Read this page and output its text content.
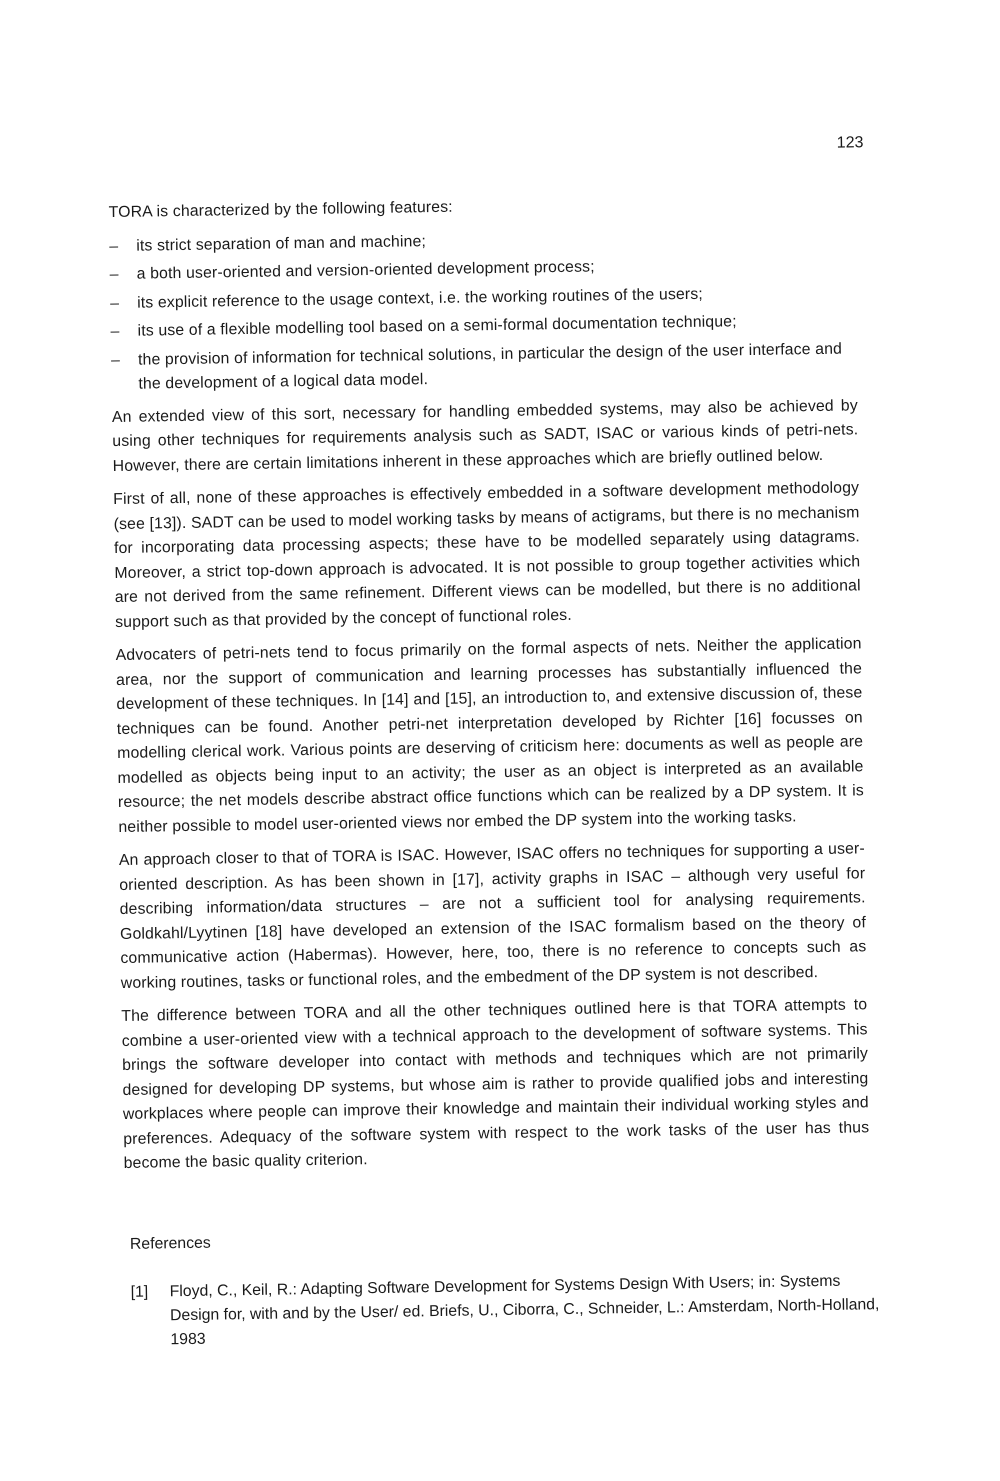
123

TORA is characterized by the following features:

– its strict separation of man and machine;
– a both user-oriented and version-oriented development process;
– its explicit reference to the usage context, i.e. the working routines of the users;
– its use of a flexible modelling tool based on a semi-formal documentation technique;
– the provision of information for technical solutions, in particular the design of the user interface and the development of a logical data model.

An extended view of this sort, necessary for handling embedded systems, may also be achieved by using other techniques for requirements analysis such as SADT, ISAC or various kinds of petri-nets. However, there are certain limitations inherent in these approaches which are briefly outlined below.

First of all, none of these approaches is effectively embedded in a software development methodology (see [13]). SADT can be used to model working tasks by means of actigrams, but there is no mechanism for incorporating data processing aspects; these have to be modelled separately using datagrams. Moreover, a strict top-down approach is advocated. It is not possible to group together activities which are not derived from the same refinement. Different views can be modelled, but there is no additional support such as that provided by the concept of functional roles.

Advocaters of petri-nets tend to focus primarily on the formal aspects of nets. Neither the application area, nor the support of communication and learning processes has substantially influenced the development of these techniques. In [14] and [15], an introduction to, and extensive discussion of, these techniques can be found. Another petri-net interpretation developed by Richter [16] focusses on modelling clerical work. Various points are deserving of criticism here: documents as well as people are modelled as objects being input to an activity; the user as an object is interpreted as an available resource; the net models describe abstract office functions which can be realized by a DP system. It is neither possible to model user-oriented views nor embed the DP system into the working tasks.

An approach closer to that of TORA is ISAC. However, ISAC offers no techniques for supporting a user-oriented description. As has been shown in [17], activity graphs in ISAC – although very useful for describing information/data structures – are not a sufficient tool for analysing requirements. Goldkahl/Lyytinen [18] have developed an extension of the ISAC formalism based on the theory of communicative action (Habermas). However, here, too, there is no reference to concepts such as working routines, tasks or functional roles, and the embedment of the DP system is not described.

The difference between TORA and all the other techniques outlined here is that TORA attempts to combine a user-oriented view with a technical approach to the development of software systems. This brings the software developer into contact with methods and techniques which are not primarily designed for developing DP systems, but whose aim is rather to provide qualified jobs and interesting workplaces where people can improve their knowledge and maintain their individual working styles and preferences. Adequacy of the software system with respect to the work tasks of the user has thus become the basic quality criterion.

References
[1] Floyd, C., Keil, R.: Adapting Software Development for Systems Design With Users; in: Systems Design for, with and by the User/ ed. Briefs, U., Ciborra, C., Schneider, L.: Amsterdam, North-Holland, 1983
